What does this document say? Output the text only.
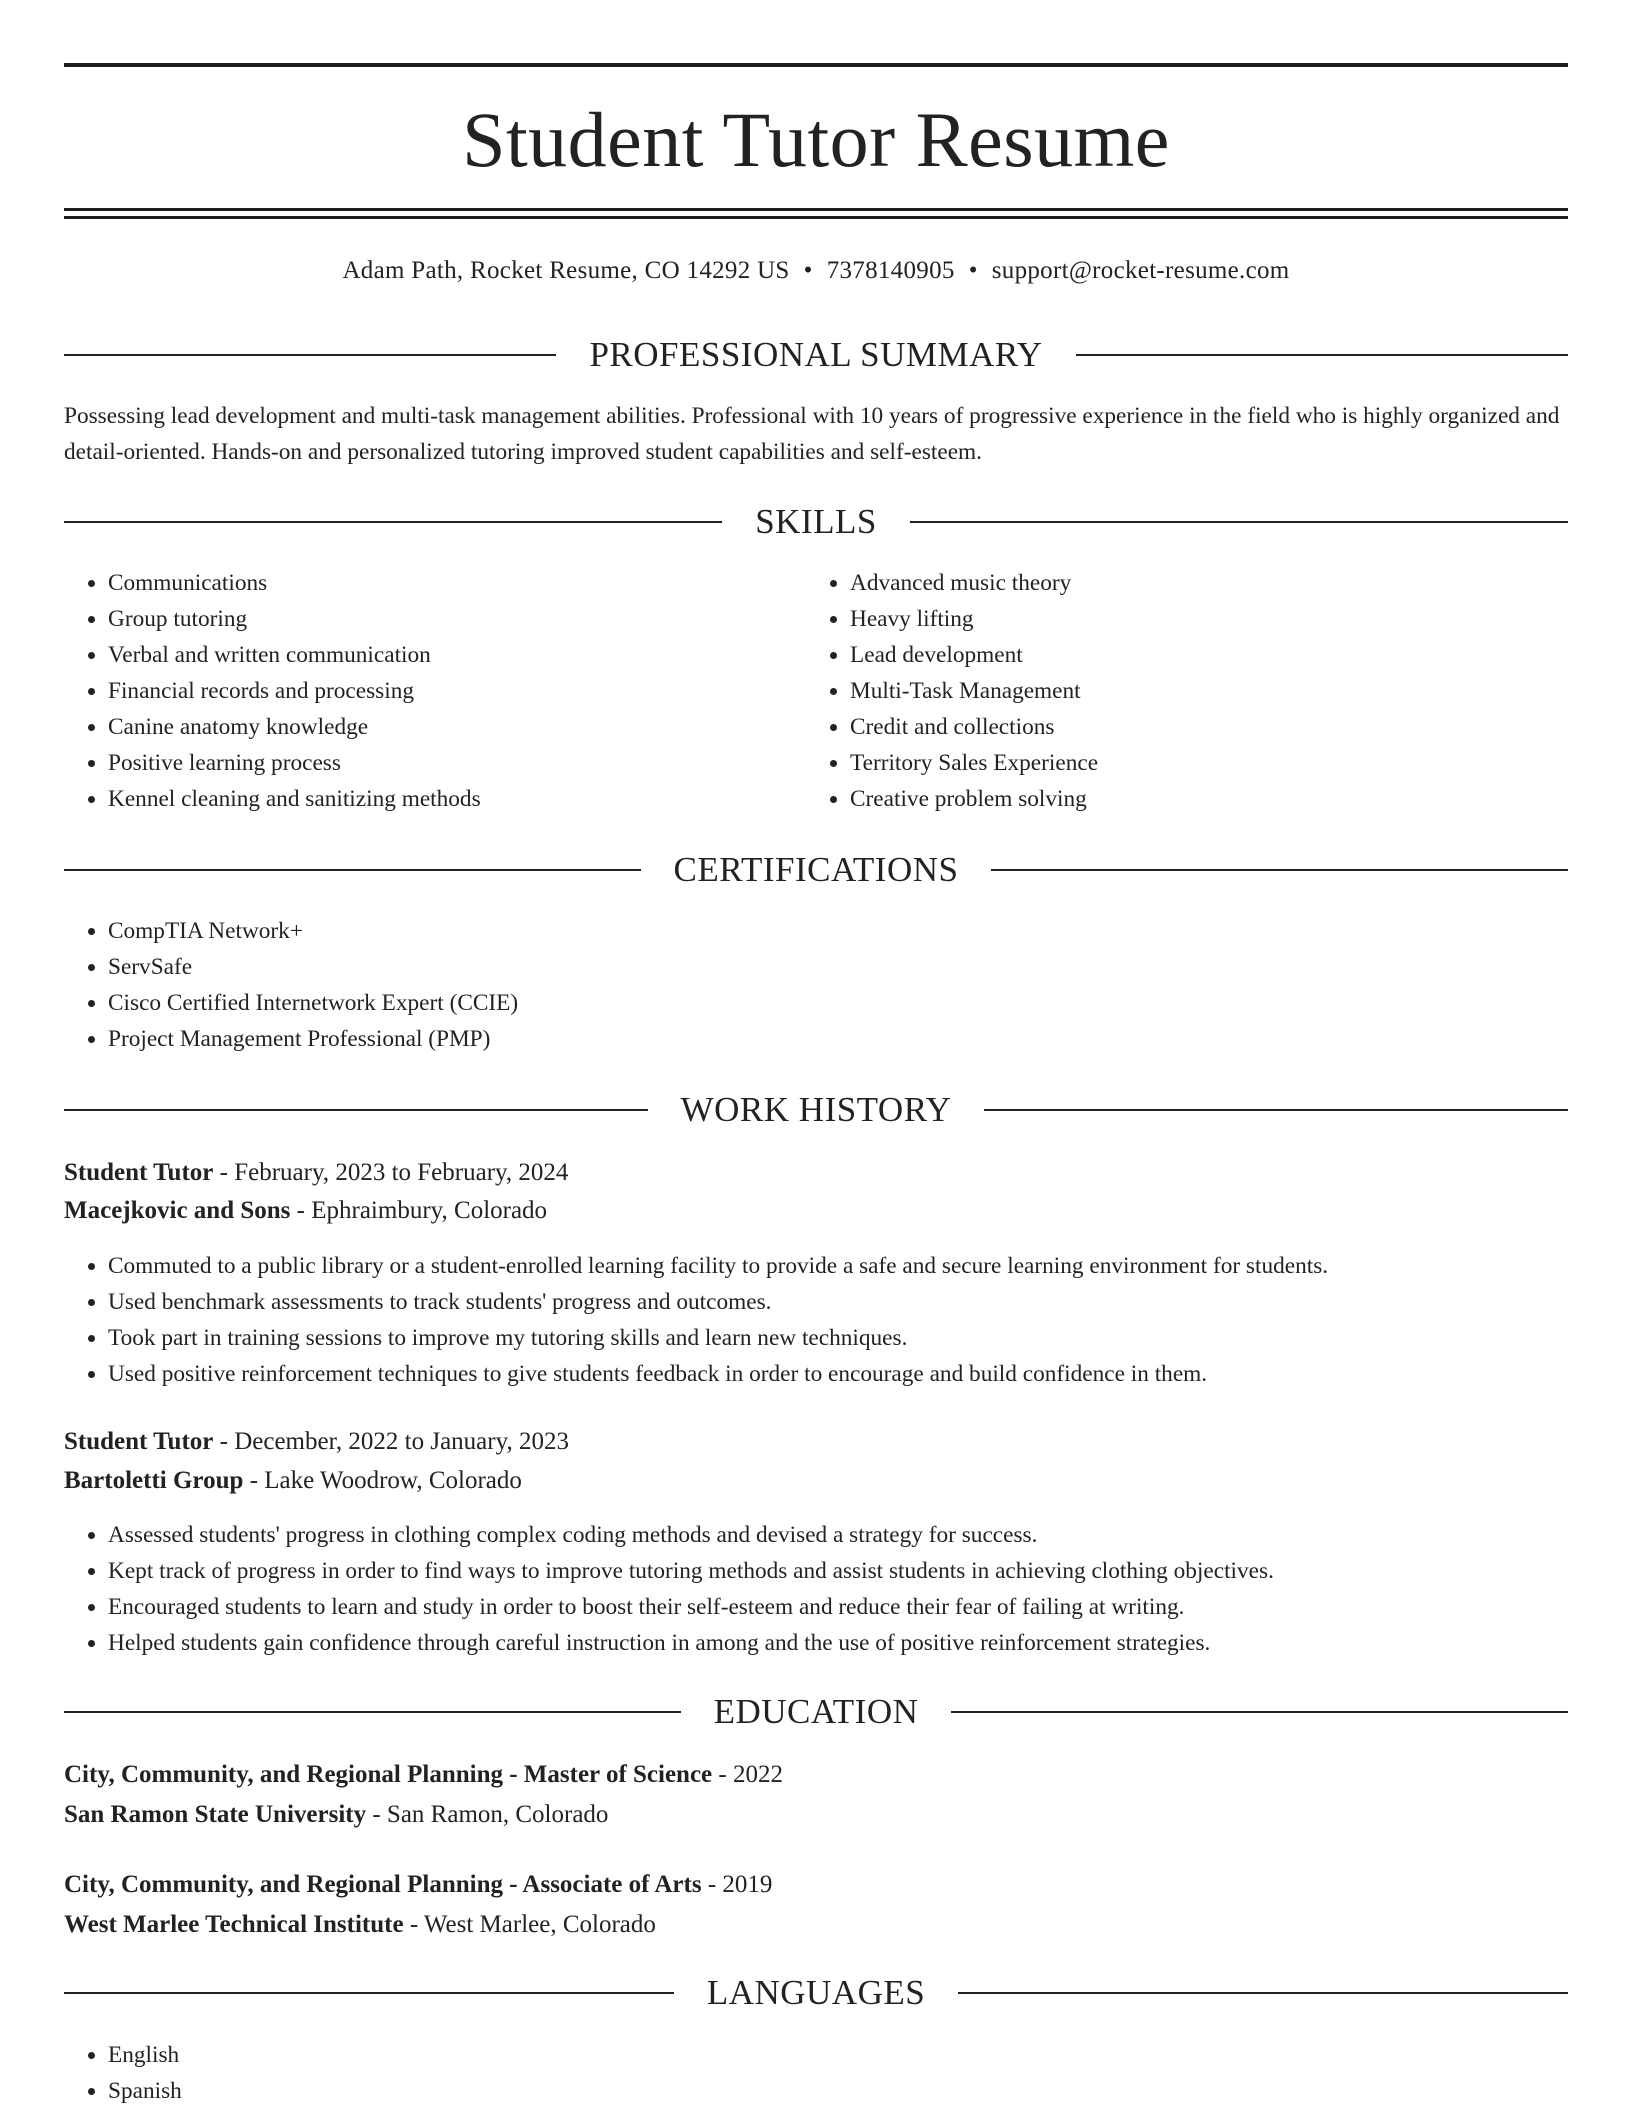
Student Tutor Resume
Adam Path, Rocket Resume, CO 14292 US • 7378140905 • support@rocket-resume.com
PROFESSIONAL SUMMARY
Possessing lead development and multi-task management abilities. Professional with 10 years of progressive experience in the field who is highly organized and detail-oriented. Hands-on and personalized tutoring improved student capabilities and self-esteem.
SKILLS
• Communications
• Group tutoring
• Verbal and written communication
• Financial records and processing
• Canine anatomy knowledge
• Positive learning process
• Kennel cleaning and sanitizing methods
• Advanced music theory
• Heavy lifting
• Lead development
• Multi-Task Management
• Credit and collections
• Territory Sales Experience
• Creative problem solving
CERTIFICATIONS
• CompTIA Network+
• ServSafe
• Cisco Certified Internetwork Expert (CCIE)
• Project Management Professional (PMP)
WORK HISTORY
Student Tutor - February, 2023 to February, 2024
Macejkovic and Sons - Ephraimbury, Colorado
• Commuted to a public library or a student-enrolled learning facility to provide a safe and secure learning environment for students.
• Used benchmark assessments to track students' progress and outcomes.
• Took part in training sessions to improve my tutoring skills and learn new techniques.
• Used positive reinforcement techniques to give students feedback in order to encourage and build confidence in them.
Student Tutor - December, 2022 to January, 2023
Bartoletti Group - Lake Woodrow, Colorado
• Assessed students' progress in clothing complex coding methods and devised a strategy for success.
• Kept track of progress in order to find ways to improve tutoring methods and assist students in achieving clothing objectives.
• Encouraged students to learn and study in order to boost their self-esteem and reduce their fear of failing at writing.
• Helped students gain confidence through careful instruction in among and the use of positive reinforcement strategies.
EDUCATION
City, Community, and Regional Planning - Master of Science - 2022
San Ramon State University - San Ramon, Colorado
City, Community, and Regional Planning - Associate of Arts - 2019
West Marlee Technical Institute - West Marlee, Colorado
LANGUAGES
• English
• Spanish
